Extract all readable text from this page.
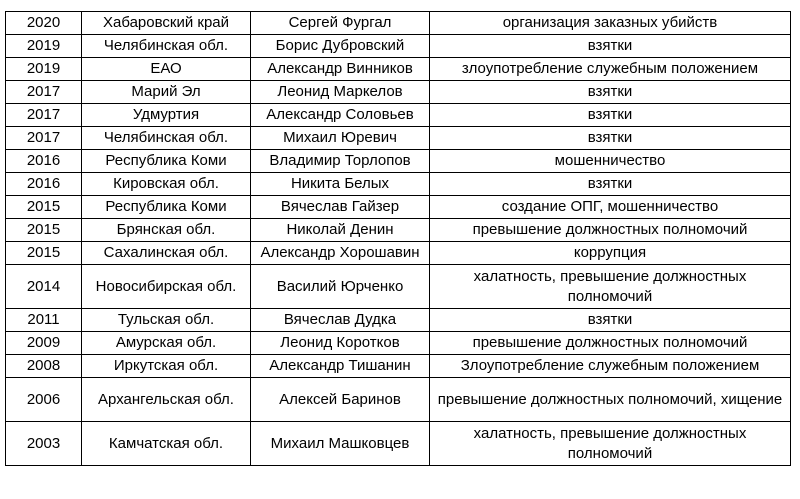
2020	Хабаровский край	Сергей Фургал	организация заказных убийств
2019	Челябинская обл.	Борис Дубровский	взятки
2019	ЕАО	Александр Винников	злоупотребление служебным положением
2017	Марий Эл	Леонид Маркелов	взятки
2017	Удмуртия	Александр Соловьев	взятки
2017	Челябинская обл.	Михаил Юревич	взятки
2016	Республика Коми	Владимир Торлопов	мошенничество
2016	Кировская обл.	Никита Белых	взятки
2015	Республика Коми	Вячеслав Гайзер	создание ОПГ, мошенничество
2015	Брянская обл.	Николай Денин	превышение должностных полномочий
2015	Сахалинская обл.	Александр Хорошавин	коррупция
2014	Новосибирская обл.	Василий Юрченко	халатность, превышение должностных полномочий
2011	Тульская обл.	Вячеслав Дудка	взятки
2009	Амурская обл.	Леонид Коротков	превышение должностных полномочий
2008	Иркутская обл.	Александр Тишанин	Злоупотребление служебным положением
2006	Архангельская обл.	Алексей Баринов	превышение должностных полномочий, хищение
2003	Камчатская обл.	Михаил Машковцев	халатность, превышение должностных полномочий
